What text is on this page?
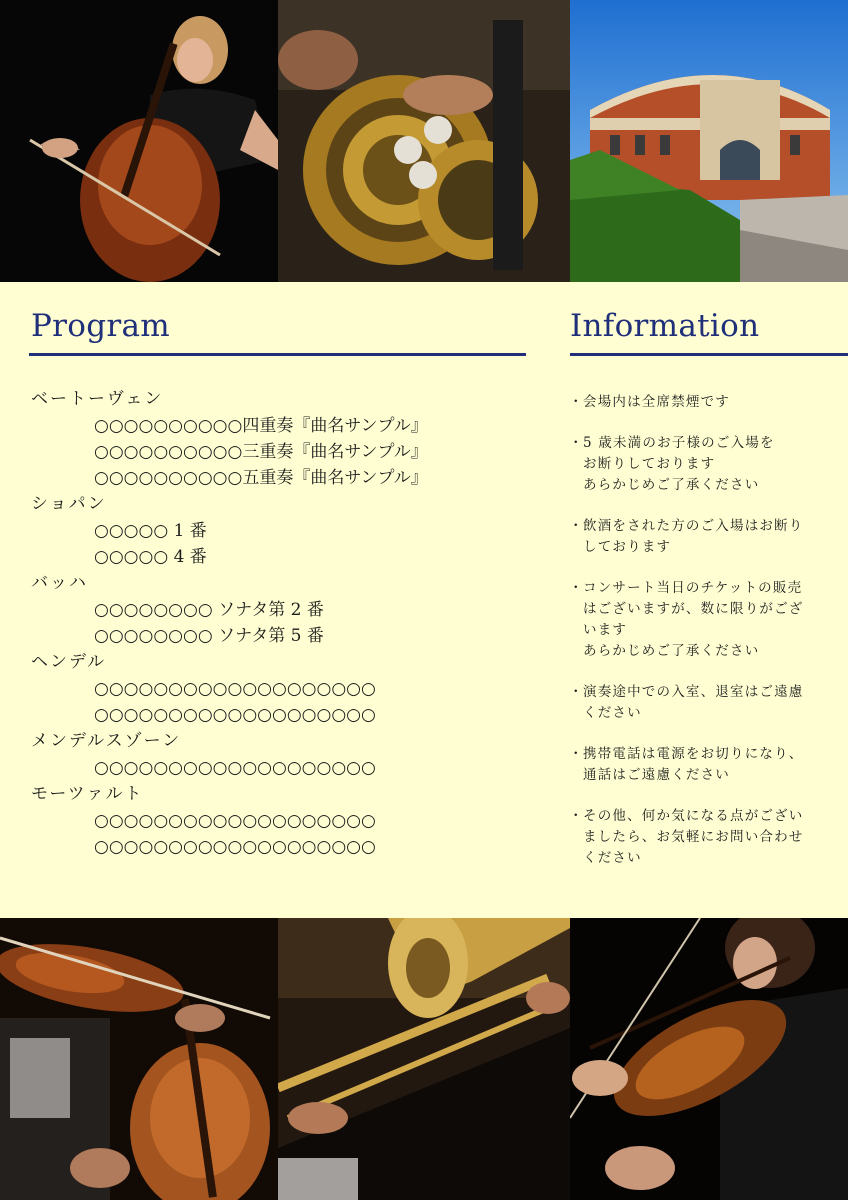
Program
ベートーヴェン
○○○○○○○○○○四重奏『曲名サンプル』
○○○○○○○○○○三重奏『曲名サンプル』
○○○○○○○○○○五重奏『曲名サンプル』
ショパン
○○○○○ 1 番
○○○○○ 4 番
バッハ
○○○○○○○○ ソナタ第 2 番
○○○○○○○○ ソナタ第 5 番
ヘンデル
○○○○○○○○○○○○○○○○○○○
○○○○○○○○○○○○○○○○○○○
メンデルスゾーン
○○○○○○○○○○○○○○○○○○○
モーツァルト
○○○○○○○○○○○○○○○○○○○
○○○○○○○○○○○○○○○○○○○
Information
・ 会場内は全席禁煙です
・ 5 歳未満のお子様のご入場を
お断りしております
あらかじめご了承ください
・ 飲酒をされた方のご入場はお断り
しております
・ コンサート当日のチケットの販売
はございますが、数に限りがござ
います
あらかじめご了承ください
・ 演奏途中での入室、退室はご遠慮
ください
・ 携帯電話は電源をお切りになり、
通話はご遠慮ください
・ その他、何か気になる点がござい
ましたら、お気軽にお問い合わせ
ください
